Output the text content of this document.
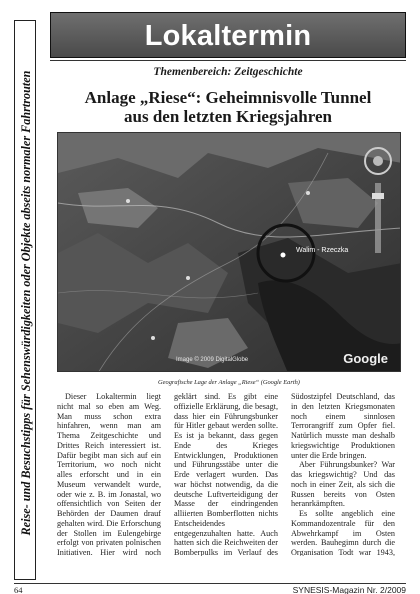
Reise- und Besuchstipps für Sehenswürdigkeiten oder Objekte abseits normaler Fahrtrouten
Lokaltermin
Themenbereich: Zeitgeschichte
Anlage „Riese“: Geheimnisvolle Tunnel
aus den letzten Kriegsjahren
Walim - Rzeczka
Image © 2009 DigitalGlobe	Google
Geografische Lage der Anlage „Riese“ (Google Earth)

Dieser Lokaltermin liegt nicht mal so eben am Weg. Man muss schon extra hinfahren, wenn man am Thema Zeitgeschichte und Drittes Reich interessiert ist. Dafür begibt man sich auf ein Territorium, wo noch nicht alles erforscht und in ein Museum verwandelt wurde, oder wie z. B. im Jonastal, wo offensichtlich von Seiten der Behörden der Daumen drauf gehalten wird. Die Erforschung der Stollen im Eulengebirge erfolgt von privaten polnischen Initiativen. Hier wird noch

geklärt sind. Es gibt eine offizielle Erklärung, die besagt, dass hier ein Führungsbunker für Hitler gebaut werden sollte. Es ist ja bekannt, dass gegen Ende des Krieges Entwicklungen, Produktionen und Führungsstäbe unter die Erde verlagert wurden. Das war höchst notwendig, da die deutsche Luftverteidigung der Masse der eindringenden alliierten Bomberflotten nichts Entscheidendes entgegenzuhalten hatte. Auch hatten sich die Reichweiten der Bomberpulks im Verlauf des

Südostzipfel Deutschland, das in den letzten Kriegsmonaten noch einem sinnlosen Terrorangriff zum Opfer fiel. Natürlich musste man deshalb kriegswichtige Produktionen unter die Erde bringen.

Aber Führungsbunker? War das kriegswichtig? Und das noch in einer Zeit, als sich die Russen bereits von Osten heranrkämpften.

Es sollte angeblich eine Kommandozentrale für den Abwehrkampf im Osten werden. Bauhegimn durch die Organisation Todt war 1943,

64	SYNESIS-Magazin Nr. 2/2009
